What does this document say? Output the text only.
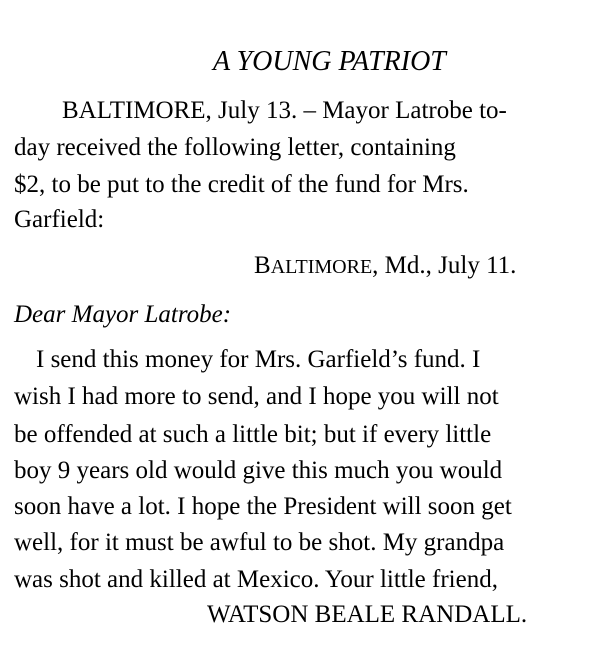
A YOUNG PATRIOT
BALTIMORE, July 13. – Mayor Latrobe to-
day received the following letter, containing
$2, to be put to the credit of the fund for Mrs.
Garfield:
BALTIMORE, Md., July 11.
Dear Mayor Latrobe:
I send this money for Mrs. Garfield’s fund. I
wish I had more to send, and I hope you will not
be offended at such a little bit; but if every little
boy 9 years old would give this much you would
soon have a lot. I hope the President will soon get
well, for it must be awful to be shot. My grandpa
was shot and killed at Mexico. Your little friend,
WATSON BEALE RANDALL.
